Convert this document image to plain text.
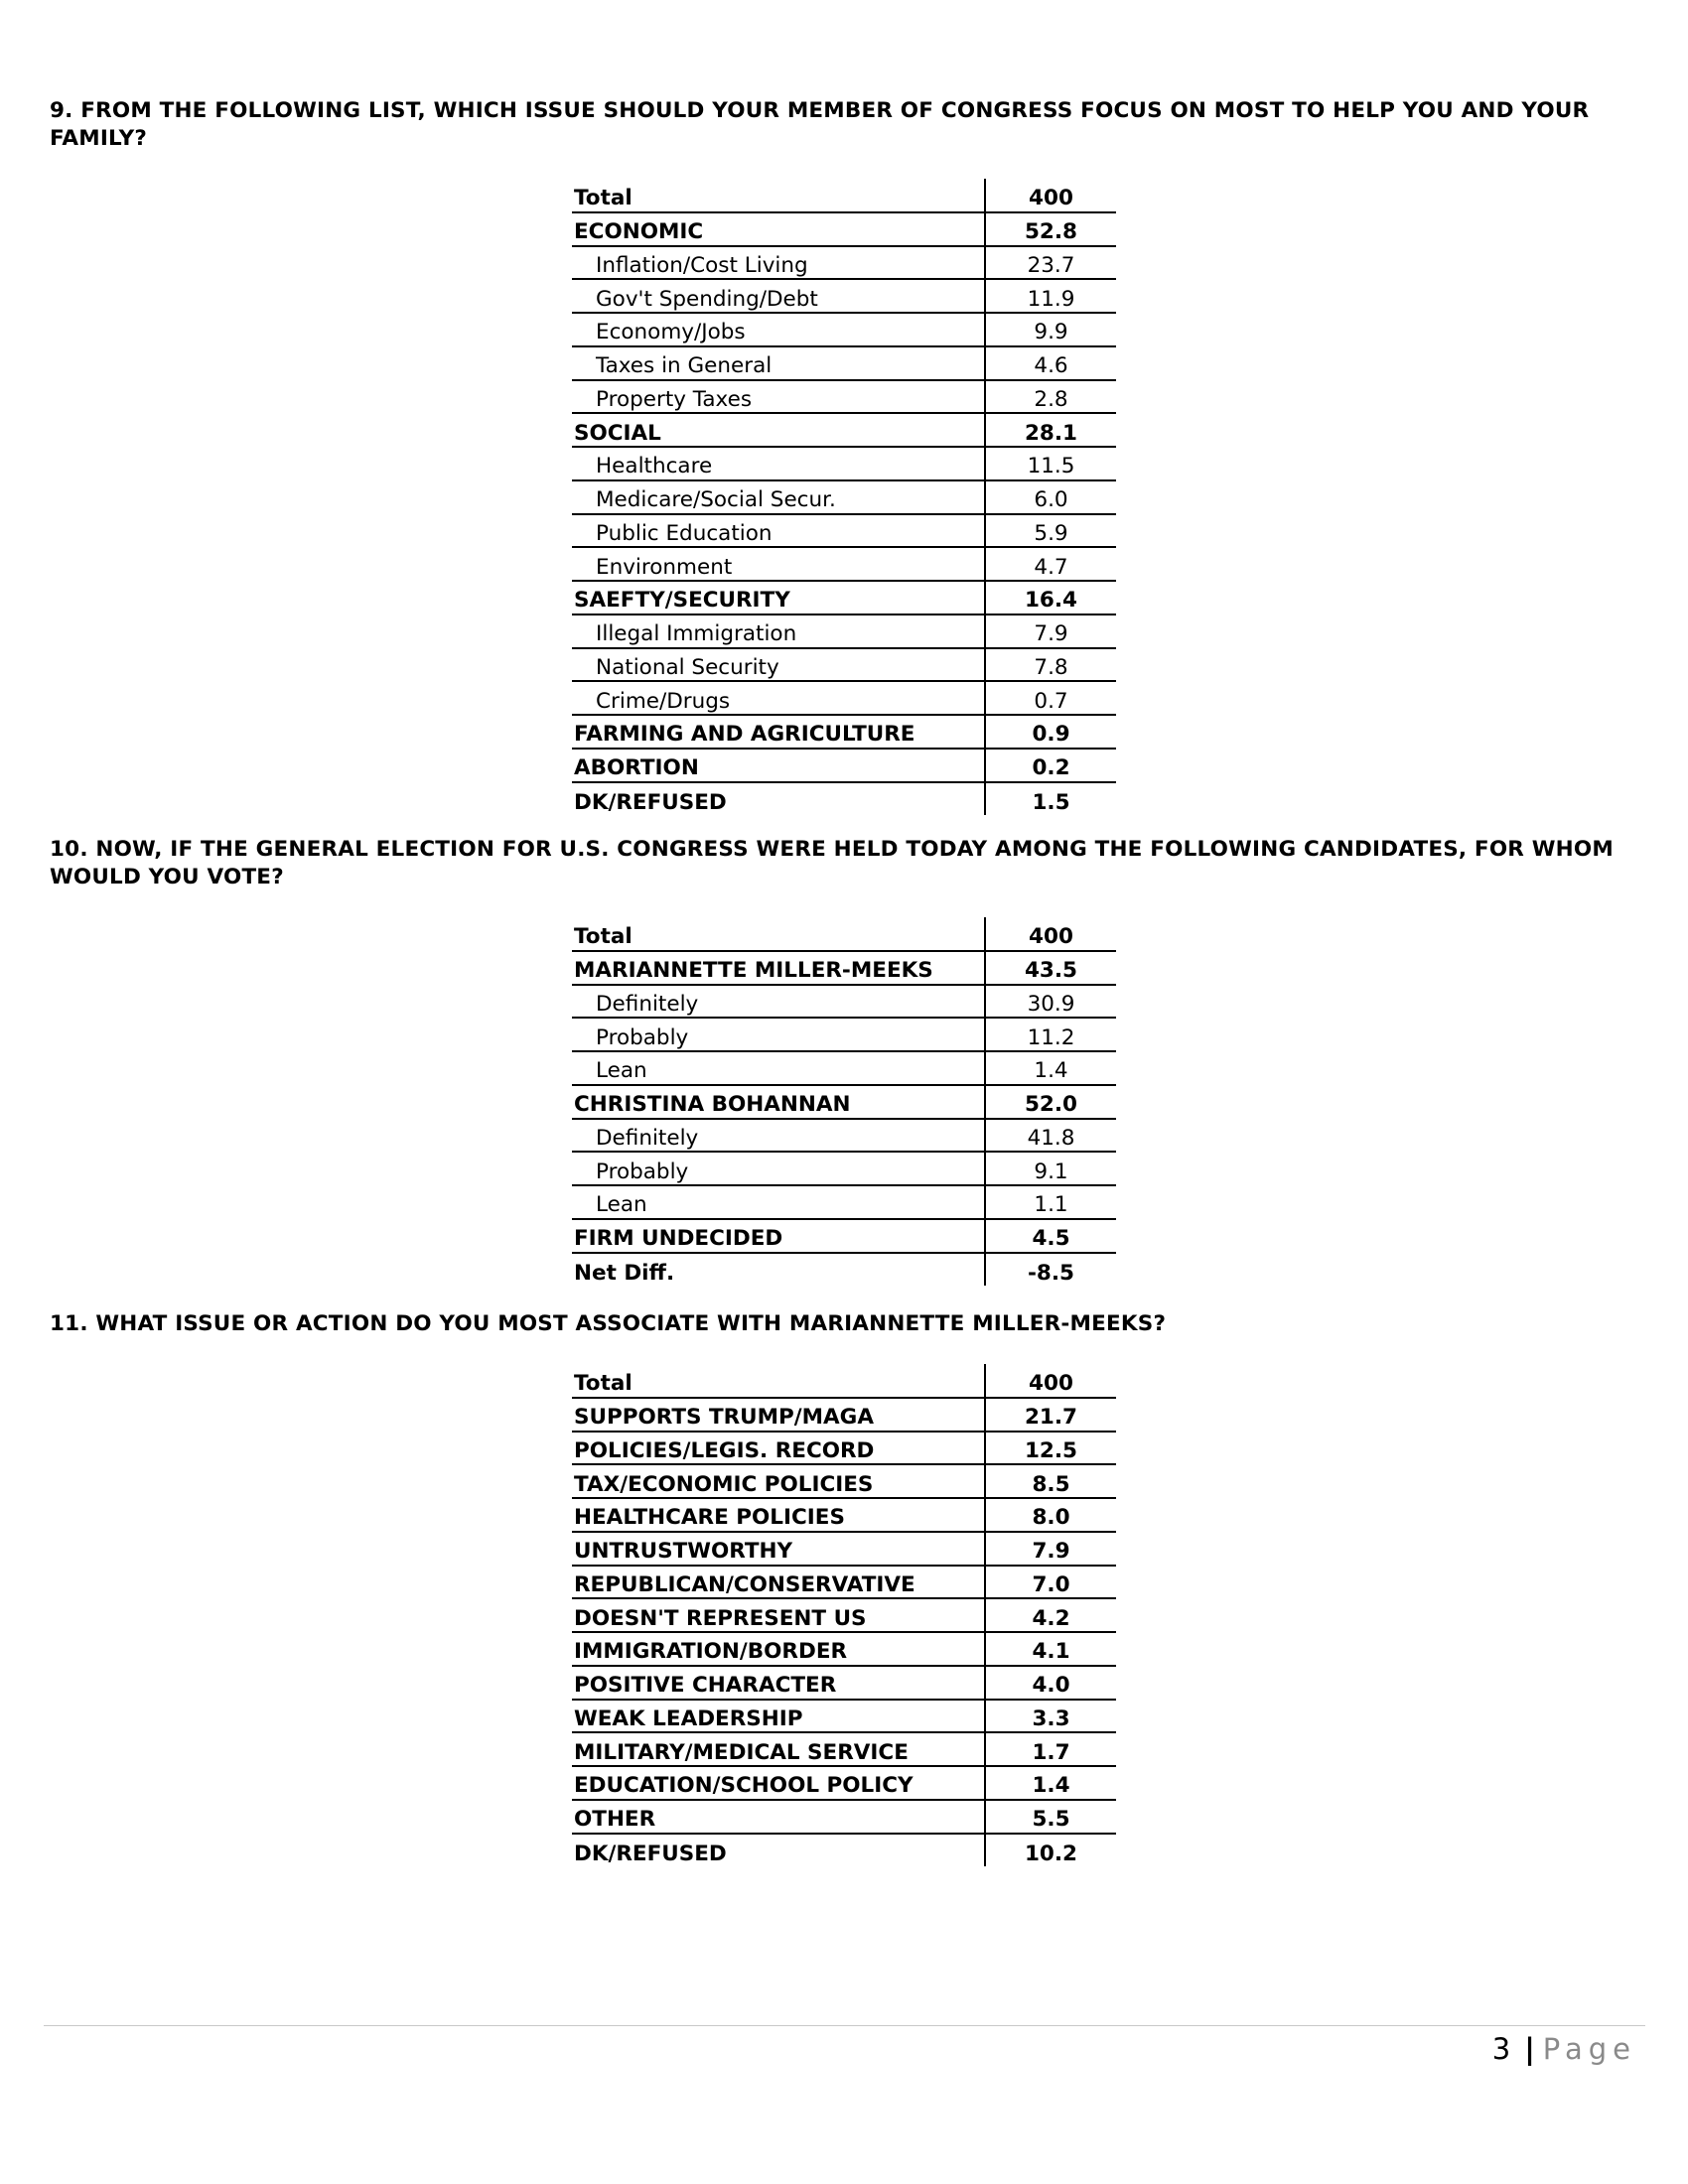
9. FROM THE FOLLOWING LIST, WHICH ISSUE SHOULD YOUR MEMBER OF CONGRESS FOCUS ON MOST TO HELP YOU AND YOUR FAMILY?
Total	400
ECONOMIC	52.8
Inflation/Cost Living	23.7
Gov't Spending/Debt	11.9
Economy/Jobs	9.9
Taxes in General	4.6
Property Taxes	2.8
SOCIAL	28.1
Healthcare	11.5
Medicare/Social Secur.	6.0
Public Education	5.9
Environment	4.7
SAEFTY/SECURITY	16.4
Illegal Immigration	7.9
National Security	7.8
Crime/Drugs	0.7
FARMING AND AGRICULTURE	0.9
ABORTION	0.2
DK/REFUSED	1.5
10. NOW, IF THE GENERAL ELECTION FOR U.S. CONGRESS WERE HELD TODAY AMONG THE FOLLOWING CANDIDATES, FOR WHOM WOULD YOU VOTE?
Total	400
MARIANNETTE MILLER-MEEKS	43.5
Definitely	30.9
Probably	11.2
Lean	1.4
CHRISTINA BOHANNAN	52.0
Definitely	41.8
Probably	9.1
Lean	1.1
FIRM UNDECIDED	4.5
Net Diff.	-8.5
11. WHAT ISSUE OR ACTION DO YOU MOST ASSOCIATE WITH MARIANNETTE MILLER-MEEKS?
Total	400
SUPPORTS TRUMP/MAGA	21.7
POLICIES/LEGIS. RECORD	12.5
TAX/ECONOMIC POLICIES	8.5
HEALTHCARE POLICIES	8.0
UNTRUSTWORTHY	7.9
REPUBLICAN/CONSERVATIVE	7.0
DOESN'T REPRESENT US	4.2
IMMIGRATION/BORDER	4.1
POSITIVE CHARACTER	4.0
WEAK LEADERSHIP	3.3
MILITARY/MEDICAL SERVICE	1.7
EDUCATION/SCHOOL POLICY	1.4
OTHER	5.5
DK/REFUSED	10.2
3 | Page
